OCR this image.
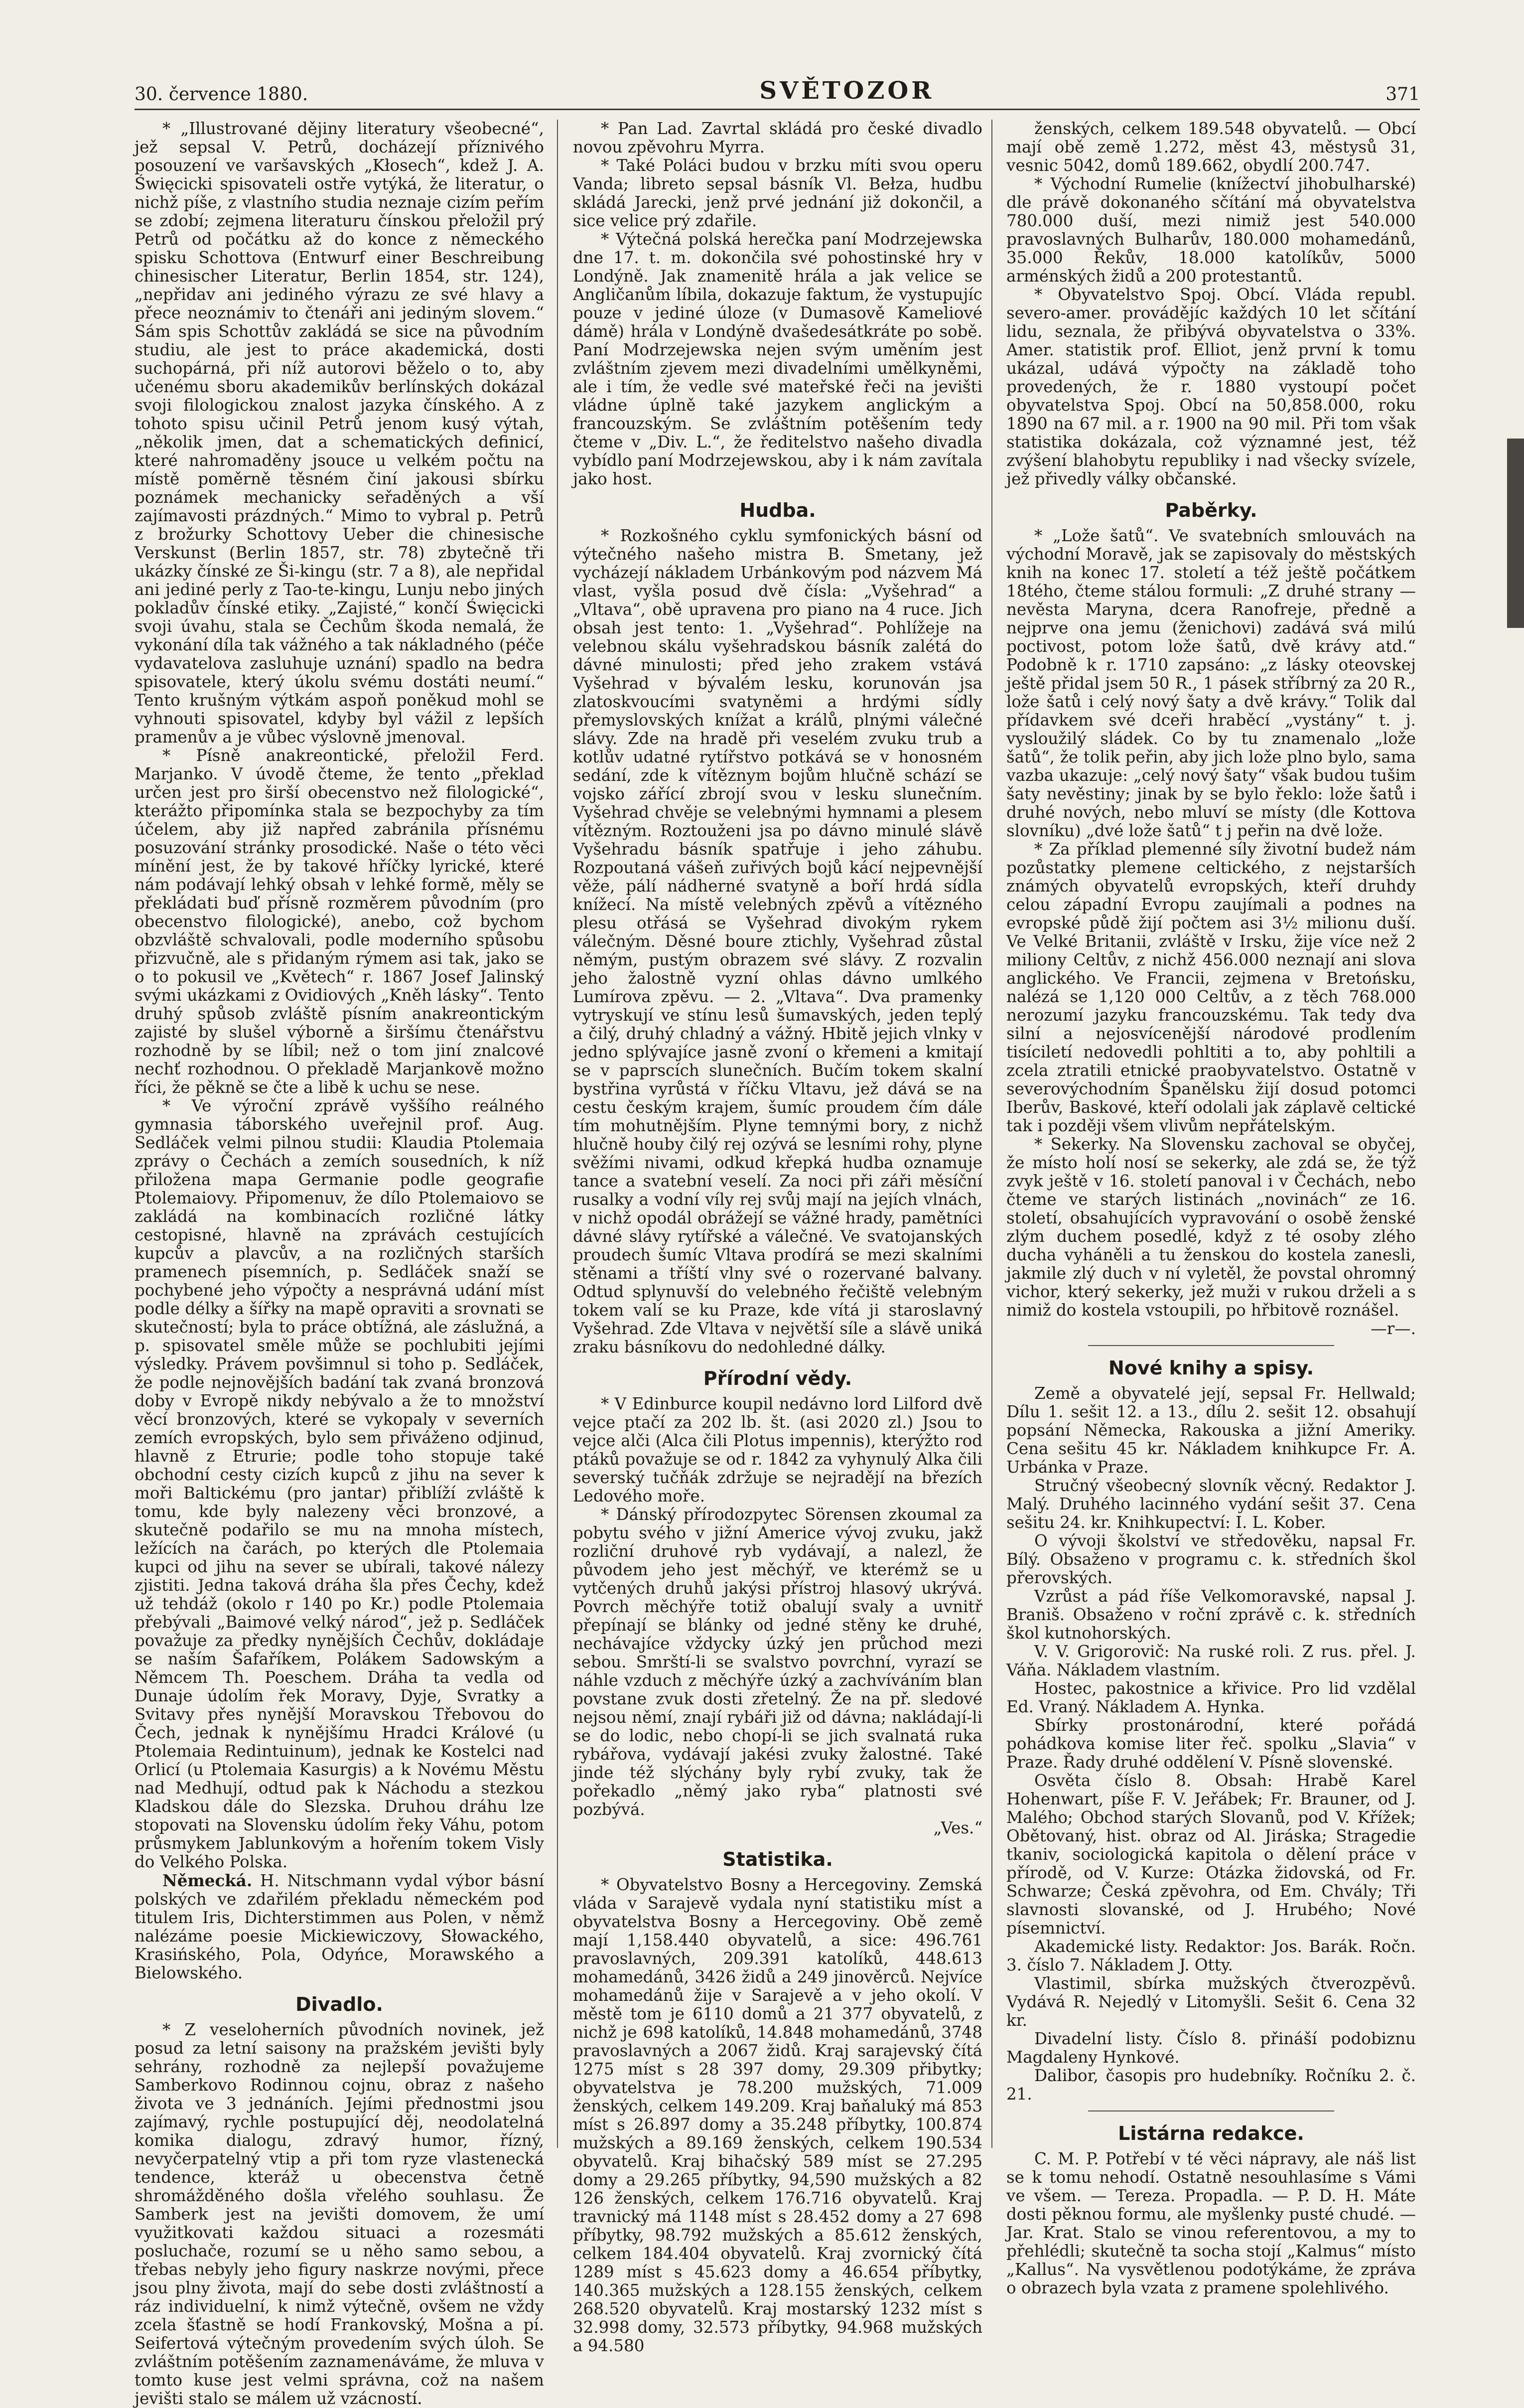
30. července 1880.	SVĚTOZOR	371

* „Illustrované dějiny literatury všeobecné“, jež sepsal V. Petrů, docházejí příznivého posouzení ve varšavských „Kłosech“, kdež J. A. Święcicki spisovateli ostře vytýká, že literatur, o nichž píše, z vlastního studia neznaje cizím peřím se zdobí; zejmena literaturu čínskou přeložil prý Petrů od počátku až do konce z německého spisku Schottova (Entwurf einer Beschreibung chinesischer Literatur, Berlin 1854, str. 124), „nepřidav ani jediného výrazu ze své hlavy a přece neoznámiv to čtenáři ani jediným slovem.“ Sám spis Schottův zakládá se sice na původním studiu, ale jest to práce akademická, dosti suchopárná, při níž autorovi běželo o to, aby učenému sboru akademikův berlínských dokázal svoji filologickou znalost jazyka čínského. A z tohoto spisu učinil Petrů jenom kusý výtah, „několik jmen, dat a schematických definicí, které nahromaděny jsouce u velkém počtu na místě poměrně těsném činí jakousi sbírku poznámek mechanicky seřaděných a vší zajímavosti prázdných.“ Mimo to vybral p. Petrů z brožurky Schottovy Ueber die chinesische Verskunst (Berlin 1857, str. 78) zbytečně tři ukázky čínské ze Ši-kingu (str. 7 a 8), ale nepřidal ani jediné perly z Tao-te-kingu, Lunju nebo jiných pokladův čínské etiky. „Zajisté,“ končí Święcicki svoji úvahu, stala se Čechům škoda nemalá, že vykonání díla tak vážného a tak nákladného (péče vydavatelova zasluhuje uznání) spadlo na bedra spisovatele, který úkolu svému dostáti neumí.“ Tento krušným výtkám aspoň poněkud mohl se vyhnouti spisovatel, kdyby byl vážil z lepších pramenův a je vůbec výslovně jmenoval.

* Písně anakreontické, přeložil Ferd. Marjanko. V úvodě čteme, že tento „překlad určen jest pro širší obecenstvo než filologické“, kterážto připomínka stala se bezpochyby za tím účelem, aby již napřed zabránila přísnému posuzování stránky prosodické. Naše o této věci mínění jest, že by takové hříčky lyrické, které nám podávají lehký obsah v lehké formě, měly se překládati buď přísně rozměrem původním (pro obecenstvo filologické), anebo, což bychom obzvláště schvalovali, podle moderního spůsobu přizvučně, ale s přidaným rýmem asi tak, jako se o to pokusil ve „Květech“ r. 1867 Josef Jalinský svými ukázkami z Ovidiových „Kněh lásky“. Tento druhý spůsob zvláště písním anakreontickým zajisté by slušel výborně a širšímu čtenářstvu rozhodně by se líbil; než o tom jiní znalcové nechť rozhodnou. O překladě Marjankově možno říci, že pěkně se čte a libě k uchu se nese.

* Ve výroční zprávě vyššího reálného gymnasia táborského uveřejnil prof. Aug. Sedláček velmi pilnou studii: Klaudia Ptolemaia zprávy o Čechách a zemích sousedních, k níž přiložena mapa Germanie podle geografie Ptolemaiovy. Připomenuv, že dílo Ptolemaiovo se zakládá na kombinacích rozličné látky cestopisné, hlavně na zprávách cestujících kupcův a plavcův, a na rozličných starších pramenech písemních, p. Sedláček snaží se pochybené jeho výpočty a nesprávná udání míst podle délky a šířky na mapě opraviti a srovnati se skutečností; byla to práce obtížná, ale záslužná, a p. spisovatel směle může se pochlubiti jejími výsledky. Právem povšimnul si toho p. Sedláček, že podle nejnovějších badání tak zvaná bronzová doby v Evropě nikdy nebývalo a že to množství věcí bronzových, které se vykopaly v severních zemích evropských, bylo sem přiváženo odjinud, hlavně z Etrurie; podle toho stopuje také obchodní cesty cizích kupců z jihu na sever k moři Baltickému (pro jantar) přiblíží zvláště k tomu, kde byly nalezeny věci bronzové, a skutečně podařilo se mu na mnoha místech, ležících na čarách, po kterých dle Ptolemaia kupci od jihu na sever se ubírali, takové nálezy zjistiti. Jedna taková dráha šla přes Čechy, kdež už tehdáž (okolo r 140 po Kr.) podle Ptolemaia přebývali „Baimové velký národ“, jež p. Sedláček považuje za předky nynějších Čechův, dokládaje se naším Šafaříkem, Polákem Sadowským a Němcem Th. Poeschem. Dráha ta vedla od Dunaje údolím řek Moravy, Dyje, Svratky a Svitavy přes nynější Moravskou Třebovou do Čech, jednak k nynějšímu Hradci Králové (u Ptolemaia Redintuinum), jednak ke Kostelci nad Orlicí (u Ptolemaia Kasurgis) a k Novému Městu nad Medhují, odtud pak k Náchodu a stezkou Kladskou dále do Slezska. Druhou dráhu lze stopovati na Slovensku údolím řeky Váhu, potom průsmykem Jablunkovým a hořením tokem Visly do Velkého Polska.

Německá. H. Nitschmann vydal výbor básní polských ve zdařilém překladu německém pod titulem Iris, Dichterstimmen aus Polen, v němž nalézáme poesie Mickiewiczovy, Słowackého, Krasińského, Pola, Odyńce, Morawského a Bielowského.

Divadlo.

* Z veseloherních původních novinek, jež posud za letní saisony na pražském jevišti byly sehrány, rozhodně za nejlepší považujeme Samberkovo Rodinnou cojnu, obraz z našeho života ve 3 jednáních. Jejími přednostmi jsou zajímavý, rychle postupující děj, neodolatelná komika dialogu, zdravý humor, řízný, nevyčerpatelný vtip a při tom ryze vlastenecká tendence, kteráž u obecenstva četně shromážděného došla vřelého souhlasu. Že Samberk jest na jevišti domovem, že umí využitkovati každou situaci a rozesmáti posluchače, rozumí se u něho samo sebou, a třebas nebyly jeho figury naskrze novými, přece jsou plny života, mají do sebe dosti zvláštností a ráz individuelní, k nimž výtečně, ovšem ne vždy zcela šťastně se hodí Frankovský, Mošna a pí. Seifertová výtečným provedením svých úloh. Se zvláštním potěšením zaznamenáváme, že mluva v tomto kuse jest velmi správna, což na našem jevišti stalo se málem už vzácností.

* Pan Lad. Zavrtal skládá pro české divadlo novou zpěvohru Myrra.

* Také Poláci budou v brzku míti svou operu Vanda; libreto sepsal básník Vl. Bełza, hudbu skládá Jarecki, jenž prvé jednání již dokončil, a sice velice prý zdařile.

* Výtečná polská herečka paní Modrzejewska dne 17. t. m. dokončila své pohostinské hry v Londýně. Jak znamenitě hrála a jak velice se Angličanům líbila, dokazuje faktum, že vystupujíc pouze v jediné úloze (v Dumasově Kameliové dámě) hrála v Londýně dvašedesátkráte po sobě. Paní Modrzejewska nejen svým uměním jest zvláštním zjevem mezi divadelními umělkyněmi, ale i tím, že vedle své mateřské řeči na jevišti vládne úplně také jazykem anglickým a francouzským. Se zvláštním potěšením tedy čteme v „Div. L.“, že ředitelstvo našeho divadla vybídlo paní Modrzejewskou, aby i k nám zavítala jako host.

Hudba.

* Rozkošného cyklu symfonických básní od výtečného našeho mistra B. Smetany, jež vycházejí nákladem Urbánkovým pod názvem Má vlast, vyšla posud dvě čísla: „Vyšehrad“ a „Vltava“, obě upravena pro piano na 4 ruce. Jich obsah jest tento: 1. „Vyšehrad“. Pohlížeje na velebnou skálu vyšehradskou básník zalétá do dávné minulosti; před jeho zrakem vstává Vyšehrad v bývalém lesku, korunován jsa zlatoskvoucími svatyněmi a hrdými sídly přemyslovských knížat a králů, plnými válečné slávy. Zde na hradě při veselém zvuku trub a kotlův udatné rytířstvo potkává se v honosném sedání, zde k vítěznym bojům hlučně schází se vojsko zářící zbrojí svou v lesku slunečním. Vyšehrad chvěje se velebnými hymnami a plesem vítězným. Roztouženi jsa po dávno minulé slávě Vyšehradu básník spatřuje i jeho záhubu. Rozpoutaná vášeň zuřivých bojů kácí nejpevnější věže, pálí nádherné svatyně a boří hrdá sídla knížecí. Na místě velebných zpěvů a vítězného plesu otřásá se Vyšehrad divokým rykem válečným. Děsné boure ztichly, Vyšehrad zůstal němým, pustým obrazem své slávy. Z rozvalin jeho žalostně vyzní ohlas dávno umlkého Lumírova zpěvu. — 2. „Vltava“. Dva pramenky vytryskují ve stínu lesů šumavských, jeden teplý a čilý, druhý chladný a vážný. Hbitě jejich vlnky v jedno splývajíce jasně zvoní o křemeni a kmitají se v paprscích slunečních. Bučím tokem skalní bystřina vyrůstá v říčku Vltavu, jež dává se na cestu českým krajem, šumíc proudem čím dále tím mohutnějším. Plyne temnými bory, z nichž hlučně houby čilý rej ozývá se lesními rohy, plyne svěžími nivami, odkud křepká hudba oznamuje tance a svatební veselí. Za noci při záři měsíční rusalky a vodní víly rej svůj mají na jejích vlnách, v nichž opodál obrážejí se vážné hrady, pamětníci dávné slávy rytířské a válečné. Ve svatojanských proudech šumíc Vltava prodírá se mezi skalními stěnami a tříští vlny své o rozervané balvany. Odtud splynuvší do velebného řečiště velebným tokem valí se ku Praze, kde vítá ji staroslavný Vyšehrad. Zde Vltava v největší síle a slávě uniká zraku básníkovu do nedohledné dálky.

Přírodní vědy.

* V Edinburce koupil nedávno lord Lilford dvě vejce ptačí za 202 lb. št. (asi 2020 zl.) Jsou to vejce alči (Alca čili Plotus impennis), kterýžto rod ptáků považuje se od r. 1842 za vyhynulý Alka čili severský tučňák zdržuje se nejradějí na březích Ledového moře.

* Dánský přírodozpytec Sörensen zkoumal za pobytu svého v jižní Americe vývoj zvuku, jakž rozliční druhové ryb vydávají, a nalezl, že původem jeho jest měchýř, ve kterémž se u vytčených druhů jakýsi přístroj hlasový ukrývá. Povrch měchýře totiž obalují svaly a uvnitř přepínají se blánky od jedné stěny ke druhé, nechávajíce vždycky úzký jen průchod mezi sebou. Smrští-li se svalstvo povrchní, vyrazí se náhle vzduch z měchýře úzký a zachvíváním blan povstane zvuk dosti zřetelný. Že na př. sledové nejsou němí, znají rybáři již od dávna; nakládají-li se do lodic, nebo chopí-li se jich svalnatá ruka rybářova, vydávají jakési zvuky žalostné. Také jinde též slýchány byly rybí zvuky, tak že pořekadlo „němý jako ryba“ platnosti své pozbývá.

„Ves.“

Statistika.

* Obyvatelstvo Bosny a Hercegoviny. Zemská vláda v Sarajevě vydala nyní statistiku míst a obyvatelstva Bosny a Hercegoviny. Obě země mají 1,158.440 obyvatelů, a sice: 496.761 pravoslavných, 209.391 katolíků, 448.613 mohamedánů, 3426 židů a 249 jinověrců. Nejvíce mohamedánů žije v Sarajevě a v jeho okolí. V městě tom je 6110 domů a 21 377 obyvatelů, z nichž je 698 katolíků, 14.848 mohamedánů, 3748 pravoslavných a 2067 židů. Kraj sarajevský čítá 1275 míst s 28 397 domy, 29.309 přibytky; obyvatelstva je 78.200 mužských, 71.009 ženských, celkem 149.209. Kraj baňaluký má 853 míst s 26.897 domy a 35.248 příbytky, 100.874 mužských a 89.169 ženských, celkem 190.534 obyvatelů. Kraj bihačský 589 míst se 27.295 domy a 29.265 příbytky, 94,590 mužských a 82 126 ženských, celkem 176.716 obyvatelů. Kraj travnický má 1148 míst s 28.452 domy a 27 698 příbytky, 98.792 mužských a 85.612 ženských, celkem 184.404 obyvatelů. Kraj zvornický čítá 1289 míst s 45.623 domy a 46.654 příbytky, 140.365 mužských a 128.155 ženských, celkem 268.520 obyvatelů. Kraj mostarský 1232 míst s 32.998 domy, 32.573 příbytky, 94.968 mužských a 94.580

ženských, celkem 189.548 obyvatelů. — Obcí mají obě země 1.272, měst 43, městysů 31, vesnic 5042, domů 189.662, obydlí 200.747.

* Východní Rumelie (knížectví jihobulharské) dle právě dokonaného sčítání má obyvatelstva 780.000 duší, mezi nimiž jest 540.000 pravoslavných Bulharův, 180.000 mohamedánů, 35.000 Řekův, 18.000 katolíkův, 5000 arménských židů a 200 protestantů.

* Obyvatelstvo Spoj. Obcí. Vláda republ. severo-amer. provádějíc každých 10 let sčítání lidu, seznala, že přibývá obyvatelstva o 33%. Amer. statistik prof. Elliot, jenž první k tomu ukázal, udává výpočty na základě toho provedených, že r. 1880 vystoupí počet obyvatelstva Spoj. Obcí na 50,858.000, roku 1890 na 67 mil. a r. 1900 na 90 mil. Při tom však statistika dokázala, což významné jest, též zvýšení blahobytu republiky i nad všecky svízele, jež přivedly války občanské.

Paběrky.

* „Lože šatů“. Ve svatebních smlouvách na východní Moravě, jak se zapisovaly do městských knih na konec 17. století a též ještě počátkem 18tého, čteme stálou formuli: „Z druhé strany — nevěsta Maryna, dcera Ranofreje, předně a nejprve ona jemu (ženichovi) zadává svá milú poctivost, potom lože šatů, dvě krávy atd.“ Podobně k r. 1710 zapsáno: „z lásky oteovskej ještě přidal jsem 50 R., 1 pásek stříbrný za 20 R., lože šatů i celý nový šaty a dvě krávy.“ Tolik dal přídavkem své dceři hraběcí „vystány“ t. j. vysloužilý sládek. Co by tu znamenalo „lože šatů“, že tolik peřin, aby jich lože plno bylo, sama vazba ukazuje: „celý nový šaty“ však budou tušim šaty nevěstiny; jinak by se bylo řeklo: lože šatů i druhé nových, nebo mluví se místy (dle Kottova slovníku) „dvé lože šatů“ t j peřin na dvě lože.

* Za příklad plemenné síly životní budež nám pozůstatky plemene celtického, z nejstarších známých obyvatelů evropských, kteří druhdy celou západní Evropu zaujímali a podnes na evropské půdě žijí počtem asi 3½ milionu duší. Ve Velké Britanii, zvláště v Irsku, žije více než 2 miliony Celtův, z nichž 456.000 neznají ani slova anglického. Ve Francii, zejmena v Bretońsku, nalézá se 1,120 000 Celtův, a z těch 768.000 nerozumí jazyku francouzskému. Tak tedy dva silní a nejosvícenější národové prodlením tisíciletí nedovedli pohltiti a to, aby pohltili a zcela ztratili etnické praobyvatelstvo. Ostatně v severovýchodním Španělsku žijí dosud potomci Iberův, Baskové, kteří odolali jak záplavě celtické tak i později všem vlivům nepřátelským.

* Sekerky. Na Slovensku zachoval se obyčej, že místo holí nosí se sekerky, ale zdá se, že týž zvyk ještě v 16. století panoval i v Čechách, nebo čteme ve starých listinách „novinách“ ze 16. století, obsahujících vypravování o osobě ženské zlým duchem posedlé, když z té osoby zlého ducha vyháněli a tu ženskou do kostela zanesli, jakmile zlý duch v ní vyletěl, že povstal ohromný vichor, který sekerky, jež muži v rukou drželi a s nimiž do kostela vstoupili, po hřbitově roznášel.

—r—.

Nové knihy a spisy.

Země a obyvatelé její, sepsal Fr. Hellwald; Dílu 1. sešit 12. a 13., dílu 2. sešit 12. obsahují popsání Německa, Rakouska a jižní Ameriky. Cena sešitu 45 kr. Nákladem knihkupce Fr. A. Urbánka v Praze.

Stručný všeobecný slovník věcný. Redaktor J. Malý. Druhého lacinného vydání sešit 37. Cena sešitu 24. kr. Knihkupectví: I. L. Kober.

O vývoji školství ve středověku, napsal Fr. Bílý. Obsaženo v programu c. k. středních škol přerovských.

Vzrůst a pád říše Velkomoravské, napsal J. Braniš. Obsaženo v roční zprávě c. k. středních škol kutnohorských.

V. V. Grigorovič: Na ruské roli. Z rus. přel. J. Váňa. Nákladem vlastním.

Hostec, pakostnice a křivice. Pro lid vzdělal Ed. Vraný. Nákladem A. Hynka.

Sbírky prostonárodní, které pořádá pohádkova komise liter řeč. spolku „Slavia“ v Praze. Řady druhé oddělení V. Písně slovenské.

Osvěta číslo 8. Obsah: Hrabě Karel Hohenwart, píše F. V. Jeřábek; Fr. Brauner, od J. Malého; Obchod starých Slovanů, pod V. Křížek; Obětovaný, hist. obraz od Al. Jiráska; Stragedie tkaniv, sociologická kapitola o dělení práce v přírodě, od V. Kurze: Otázka židovská, od Fr. Schwarze; Česká zpěvohra, od Em. Chvály; Tři slavnosti slovanské, od J. Hrubého; Nové písemnictví.

Akademické listy. Redaktor: Jos. Barák. Ročn. 3. číslo 7. Nákladem J. Otty.

Vlastimil, sbírka mužských čtverozpěvů. Vydává R. Nejedlý v Litomyšli. Sešit 6. Cena 32 kr.

Divadelní listy. Číslo 8. přináší podobiznu Magdaleny Hynkové.

Dalibor, časopis pro hudebníky. Ročníku 2. č. 21.

Listárna redakce.

C. M. P. Potřebí v té věci nápravy, ale náš list se k tomu nehodí. Ostatně nesouhlasíme s Vámi ve všem. — Tereza. Propadla. — P. D. H. Máte dosti pěknou formu, ale myšlenky pusté chudé. — Jar. Krat. Stalo se vinou referentovou, a my to přehlédli; skutečně ta socha stojí „Kalmus“ místo „Kallus“. Na vysvětlenou podotýkáme, že zpráva o obrazech byla vzata z pramene spolehlivého.
